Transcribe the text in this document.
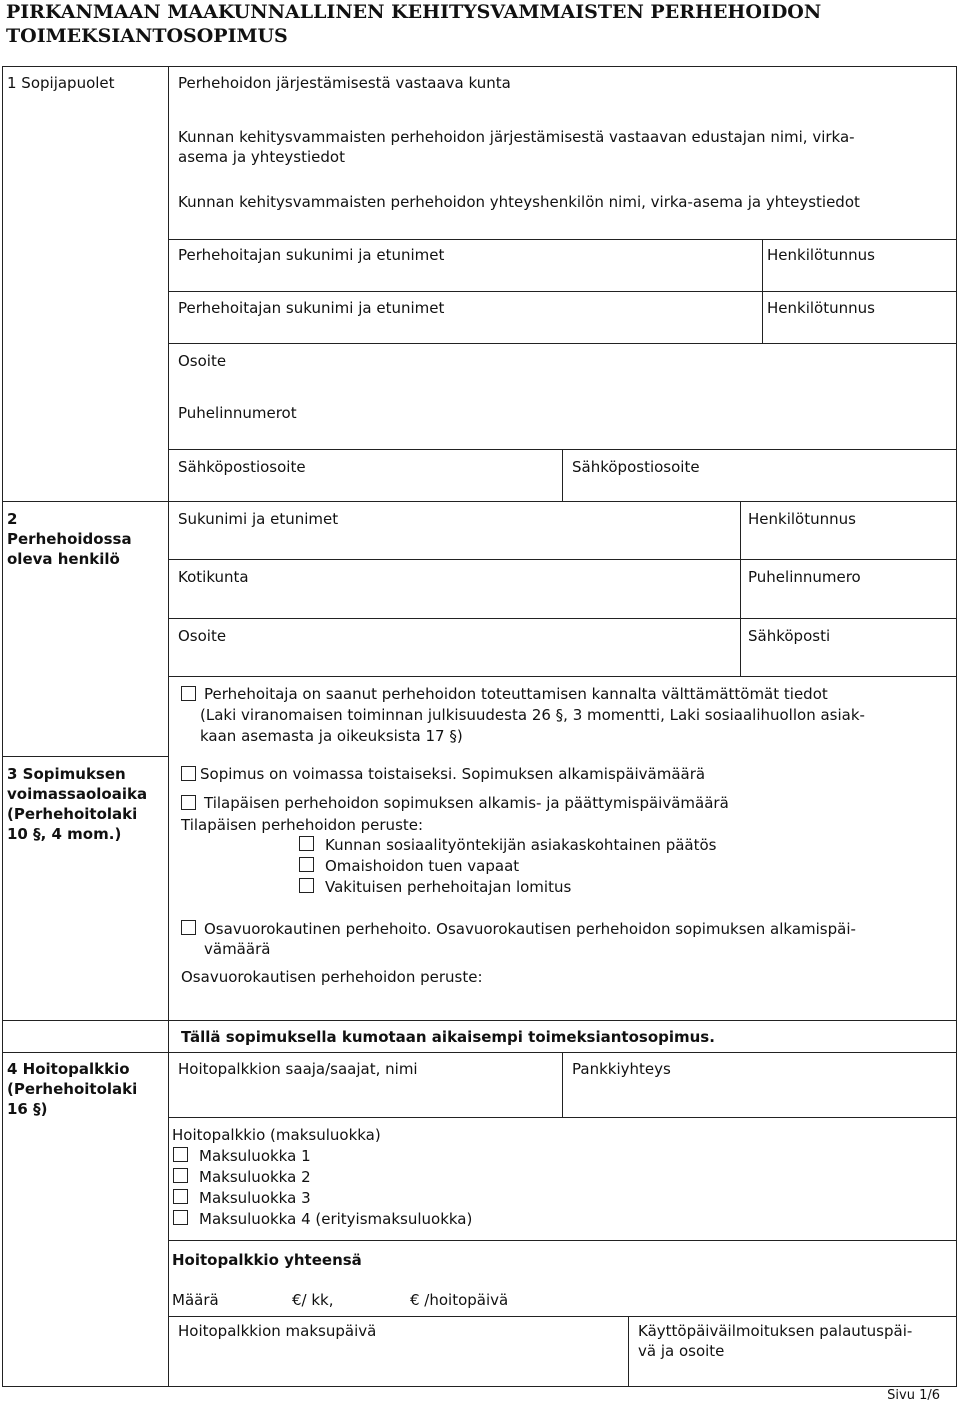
PIRKANMAAN MAAKUNNALLINEN KEHITYSVAMMAISTEN PERHEHOIDON
TOIMEKSIANTOSOPIMUS
1 Sopijapuolet	Perhehoidon järjestämisestä vastaava kunta
Kunnan kehitysvammaisten perhehoidon järjestämisestä vastaavan edustajan nimi, virka-
asema ja yhteystiedot
Kunnan kehitysvammaisten perhehoidon yhteyshenkilön nimi, virka-asema ja yhteystiedot
Perhehoitajan sukunimi ja etunimet	Henkilötunnus
Perhehoitajan sukunimi ja etunimet	Henkilötunnus
Osoite
Puhelinnumerot
Sähköpostiosoite	Sähköpostiosoite
2
Perhehoidossa
oleva henkilö
Sukunimi ja etunimet	Henkilötunnus
Kotikunta	Puhelinnumero
Osoite	Sähköposti
Perhehoitaja on saanut perhehoidon toteuttamisen kannalta välttämättömät tiedot
(Laki viranomaisen toiminnan julkisuudesta 26 §, 3 momentti, Laki sosiaalihuollon asiak-
kaan asemasta ja oikeuksista 17 §)
3 Sopimuksen
voimassaoloaika
(Perhehoitolaki
10 §, 4 mom.)
Sopimus on voimassa toistaiseksi. Sopimuksen alkamispäivämäärä
Tilapäisen perhehoidon sopimuksen alkamis- ja päättymispäivämäärä
Tilapäisen perhehoidon peruste:
Kunnan sosiaalityöntekijän asiakaskohtainen päätös
Omaishoidon tuen vapaat
Vakituisen perhehoitajan lomitus
Osavuorokautinen perhehoito. Osavuorokautisen perhehoidon sopimuksen alkamispäi-
vämäärä
Osavuorokautisen perhehoidon peruste:
Tällä sopimuksella kumotaan aikaisempi toimeksiantosopimus.
4 Hoitopalkkio
(Perhehoitolaki
16 §)
Hoitopalkkion saaja/saajat, nimi	Pankkiyhteys
Hoitopalkkio (maksuluokka)
Maksuluokka 1
Maksuluokka 2
Maksuluokka 3
Maksuluokka 4 (erityismaksuluokka)
Hoitopalkkio yhteensä
Määrä	€/ kk,	€ /hoitopäivä
Hoitopalkkion maksupäivä	Käyttöpäiväilmoituksen palautuspäi-
vä ja osoite
Sivu 1/6
